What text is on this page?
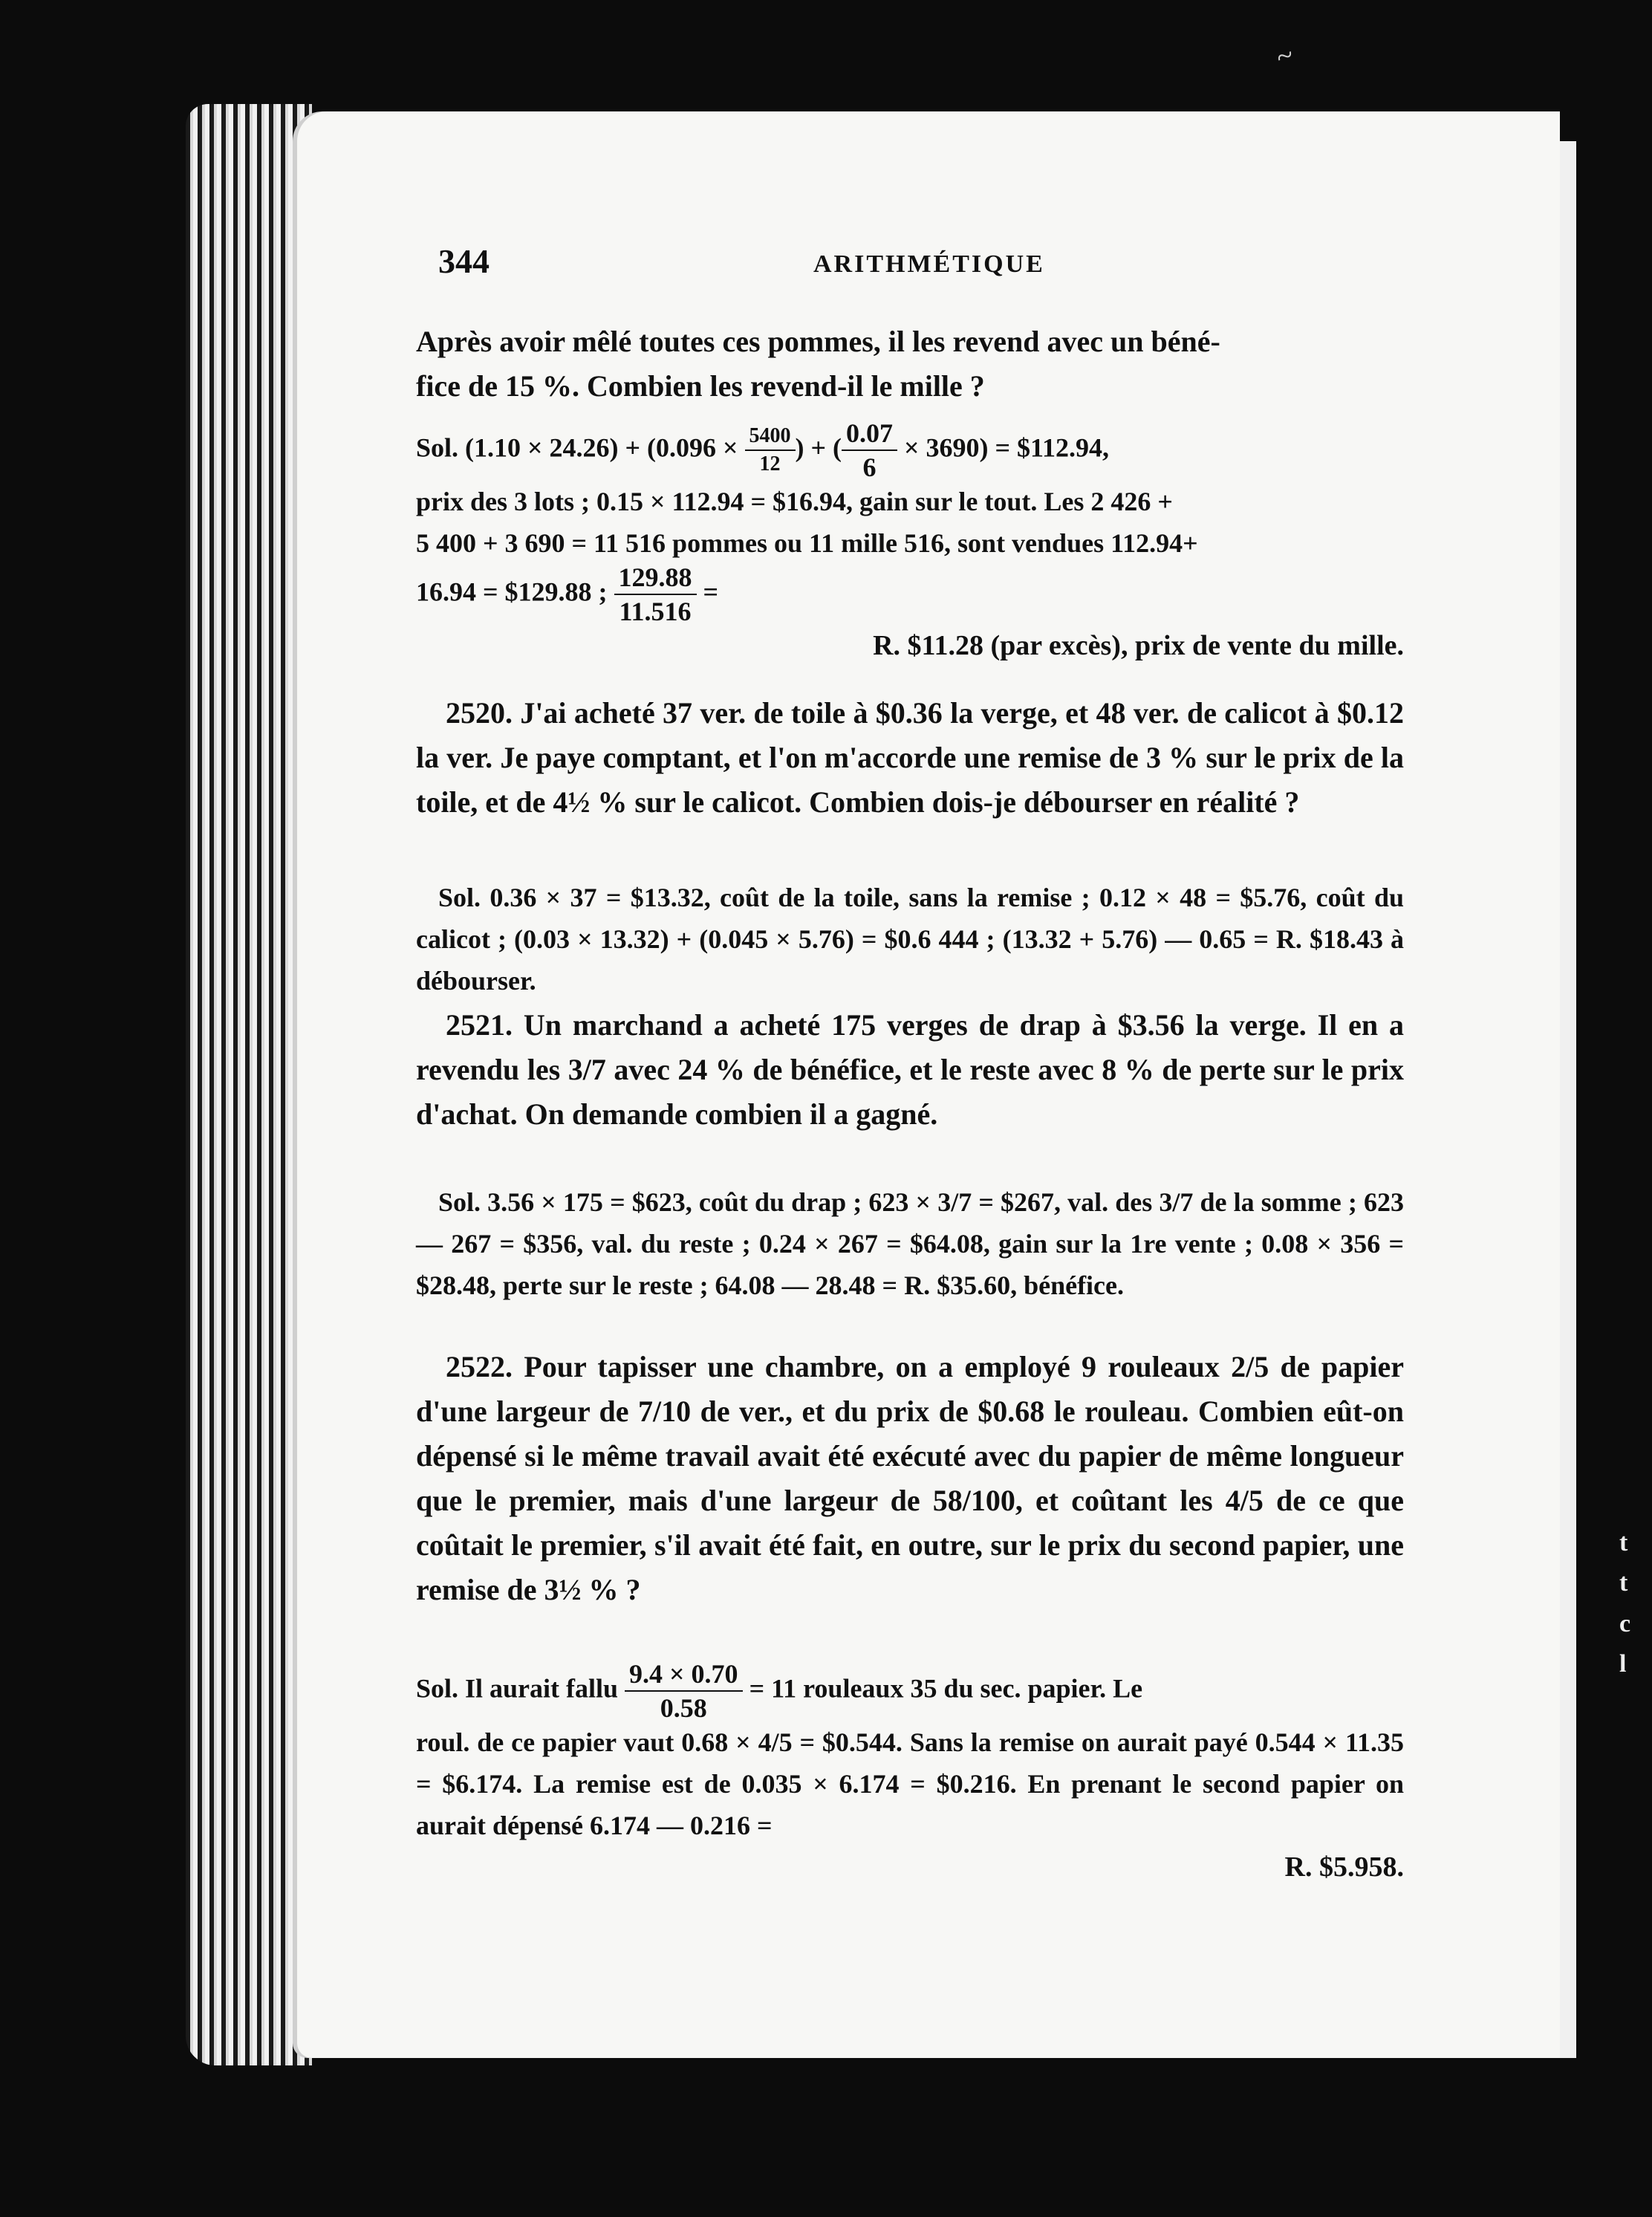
~
344	ARITHMÉTIQUE

Après avoir mêlé toutes ces pommes, il les revend avec un béné-

fice de 15 %. Combien les revend-il le mille ?

Sol. $(1.10 \times 24.26) + (0.096 \times \frac{5400}{12}$ ) + ( $\frac{0.07}{6} \times 3690$) = $112.94,

prix des 3 lots ; 0.15 × 112.94 = $16.94, gain sur le tout. Les 2 426 +

5 400 + 3 690 = 11 516 pommes ou 11 mille 516, sont vendues 112.94+

16.94 = $129.88 ; $\frac{129.88}{11.516}$ =

R. $11.28 (par excès), prix de vente du mille.

2520. J'ai acheté 37 ver. de toile à $0.36 la verge, et 48 ver. de calicot à $0.12 la ver. Je paye comptant, et l'on m'accorde une remise de 3 % sur le prix de la toile, et de 4½ % sur le calicot. Combien dois-je débourser en réalité ?

Sol. 0.36 × 37 = $13.32, coût de la toile, sans la remise ; 0.12 × 48 = $5.76, coût du calicot ; (0.03 × 13.32) + (0.045 × 5.76) = $0.6 444 ; (13.32 + 5.76) — 0.65 = R. $18.43 à débourser.

2521. Un marchand a acheté 175 verges de drap à $3.56 la verge. Il en a revendu les 3/7 avec 24 % de bénéfice, et le reste avec 8 % de perte sur le prix d'achat. On demande combien il a gagné.

Sol. 3.56 × 175 = $623, coût du drap ; 623 × 3/7 = $267, val. des 3/7 de la somme ; 623 — 267 = $356, val. du reste ; 0.24 × 267 = $64.08, gain sur la 1re vente ; 0.08 × 356 = $28.48, perte sur le reste ; 64.08 — 28.48 = R. $35.60, bénéfice.

2522. Pour tapisser une chambre, on a employé 9 rouleaux 2/5 de papier d'une largeur de 7/10 de ver., et du prix de $0.68 le rouleau. Combien eût-on dépensé si le même travail avait été exécuté avec du papier de même longueur que le premier, mais d'une largeur de 58/100, et coûtant les 4/5 de ce que coûtait le premier, s'il avait été fait, en outre, sur le prix du second papier, une remise de 3½ % ?

Sol. Il aurait fallu $\frac{9.4 \times 0.70}{0.58} = 11$ rouleaux 35 du sec. papier. Le

roul. de ce papier vaut 0.68 × 4/5 = $0.544. Sans la remise on aurait payé 0.544 × 11.35 = $6.174. La remise est de 0.035 × 6.174 = $0.216. En prenant le second papier on aurait dépensé 6.174 — 0.216 =

R. $5.958.

t
t
c
l
